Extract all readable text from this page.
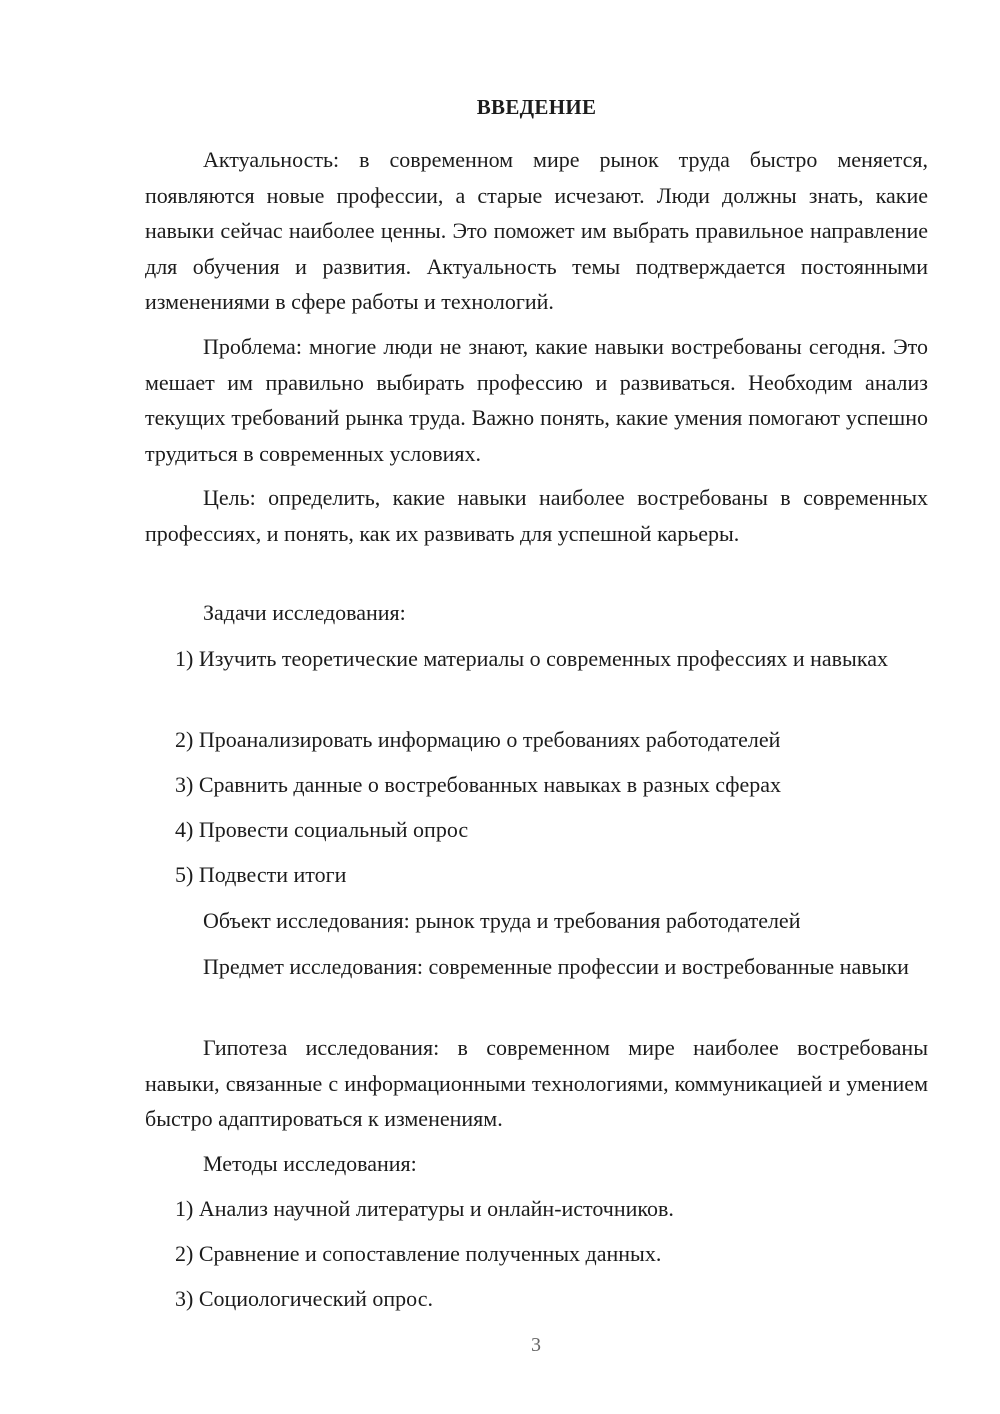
ВВЕДЕНИЕ

Актуальность: в современном мире рынок труда быстро меняется, появляются новые профессии, а старые исчезают. Люди должны знать, какие навыки сейчас наиболее ценны. Это поможет им выбрать правильное направление для обучения и развития. Актуальность темы подтверждается постоянными изменениями в сфере работы и технологий.

Проблема: многие люди не знают, какие навыки востребованы сегодня. Это мешает им правильно выбирать профессию и развиваться. Необходим анализ текущих требований рынка труда. Важно понять, какие умения помогают успешно трудиться в современных условиях.

Цель: определить, какие навыки наиболее востребованы в современных профессиях, и понять, как их развивать для успешной карьеры.

Задачи исследования:

1) Изучить теоретические материалы о современных профессиях и навыках

2) Проанализировать информацию о требованиях работодателей

3) Сравнить данные о востребованных навыках в разных сферах

4) Провести социальный опрос

5) Подвести итоги

Объект исследования: рынок труда и требования работодателей

Предмет исследования: современные профессии и востребованные навыки

Гипотеза исследования: в современном мире наиболее востребованы навыки, связанные с информационными технологиями, коммуникацией и умением быстро адаптироваться к изменениям.

Методы исследования:

1) Анализ научной литературы и онлайн-источников.

2) Сравнение и сопоставление полученных данных.

3) Социологический опрос.

3
